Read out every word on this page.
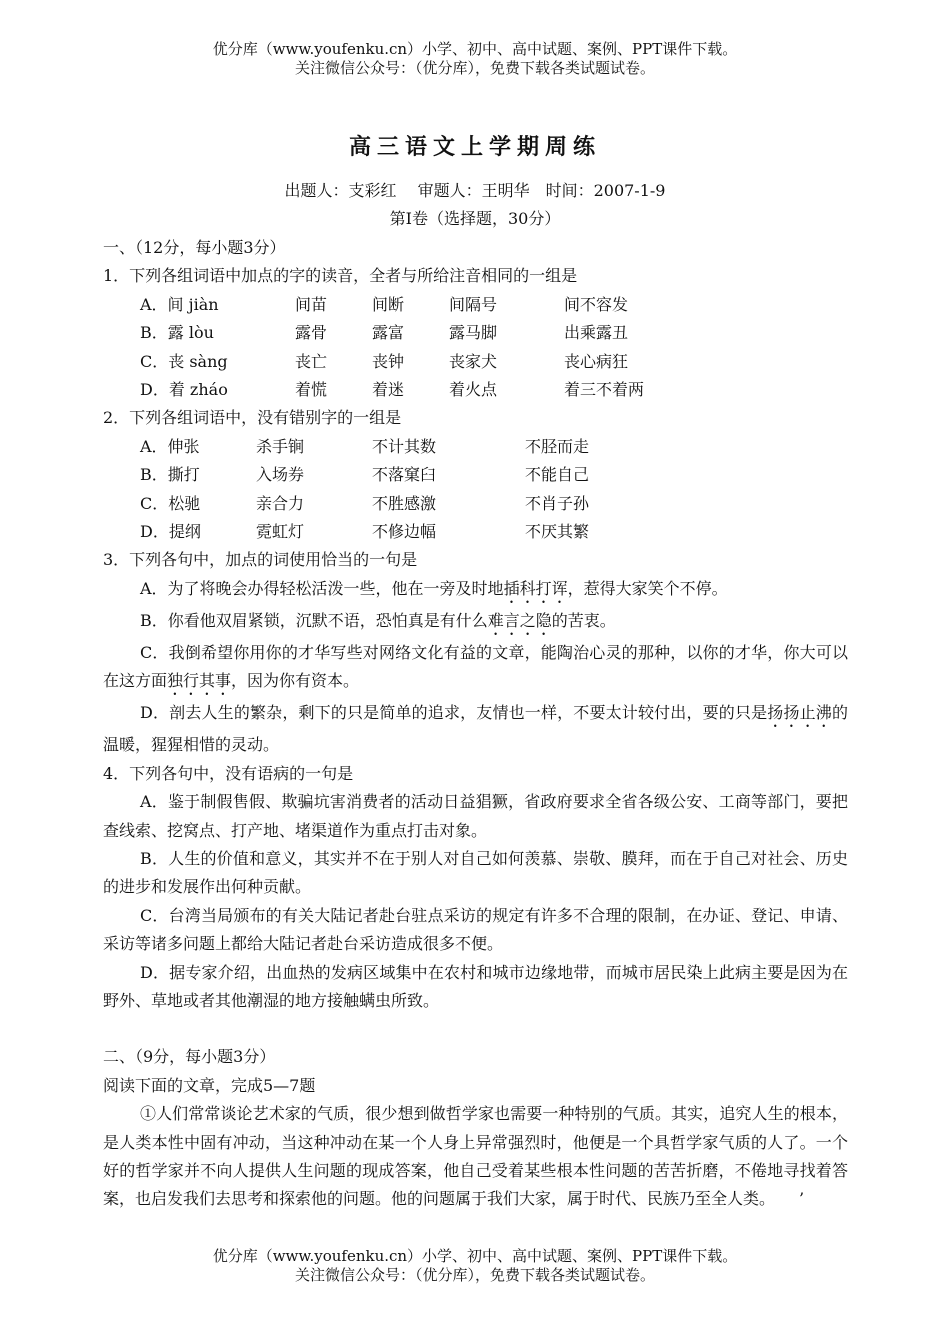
优分库（www.youfenku.cn）小学、初中、高中试题、案例、PPT课件下载。
关注微信公众号：（优分库），免费下载各类试题试卷。
高三语文上学期周练
出题人：支彩红　 审题人：王明华　时间：2007-1-9
第Ⅰ卷（选择题，30分）
一、（12分，每小题3分）
1．下列各组词语中加点的字的读音，全者与所给注音相同的一组是
A．间 jiàn	间苗	间断	间隔号	间不容发
B．露 lòu	露骨	露富	露马脚	出乘露丑
C．丧 sàng	丧亡	丧钟	丧家犬	丧心病狂
D．着 zháo	着慌	着迷	着火点	着三不着两
2．下列各组词语中，没有错别字的一组是
A．伸张	杀手锏	不计其数	不胫而走
B．撕打	入场券	不落窠臼	不能自己
C．松驰	亲合力	不胜感激	不肖子孙
D．提纲	霓虹灯	不修边幅	不厌其繁
3．下列各句中，加点的词使用恰当的一句是
A．为了将晚会办得轻松活泼一些，他在一旁及时地插科打诨，惹得大家笑个不停。
B．你看他双眉紧锁，沉默不语，恐怕真是有什么难言之隐的苦衷。
C．我倒希望你用你的才华写些对网络文化有益的文章，能陶治心灵的那种，以你的才华，你大可以在这方面独行其事，因为你有资本。
D．剖去人生的繁杂，剩下的只是简单的追求，友情也一样，不要太计较付出，要的只是扬扬止沸的温暖，猩猩相惜的灵动。
4．下列各句中，没有语病的一句是
A．鉴于制假售假、欺骗坑害消费者的活动日益猖獗，省政府要求全省各级公安、工商等部门，要把查线索、挖窝点、打产地、堵渠道作为重点打击对象。
B．人生的价值和意义，其实并不在于别人对自己如何羡慕、崇敬、膜拜，而在于自己对社会、历史的进步和发展作出何种贡献。
C．台湾当局颁布的有关大陆记者赴台驻点采访的规定有许多不合理的限制，在办证、登记、申请、采访等诸多问题上都给大陆记者赴台采访造成很多不便。
D．据专家介绍，出血热的发病区域集中在农村和城市边缘地带，而城市居民染上此病主要是因为在野外、草地或者其他潮湿的地方接触螨虫所致。
二、（9分，每小题3分）
阅读下面的文章，完成5—7题
①人们常常谈论艺术家的气质，很少想到做哲学家也需要一种特别的气质。其实，追究人生的根本，是人类本性中固有冲动，当这种冲动在某一个人身上异常强烈时，他便是一个具哲学家气质的人了。一个好的哲学家并不向人提供人生问题的现成答案，他自己受着某些根本性问题的苦苦折磨，不倦地寻找着答案，也启发我们去思考和探索他的问题。他的问题属于我们大家，属于时代、民族乃至全人类。　　’
优分库（www.youfenku.cn）小学、初中、高中试题、案例、PPT课件下载。
关注微信公众号：（优分库），免费下载各类试题试卷。
